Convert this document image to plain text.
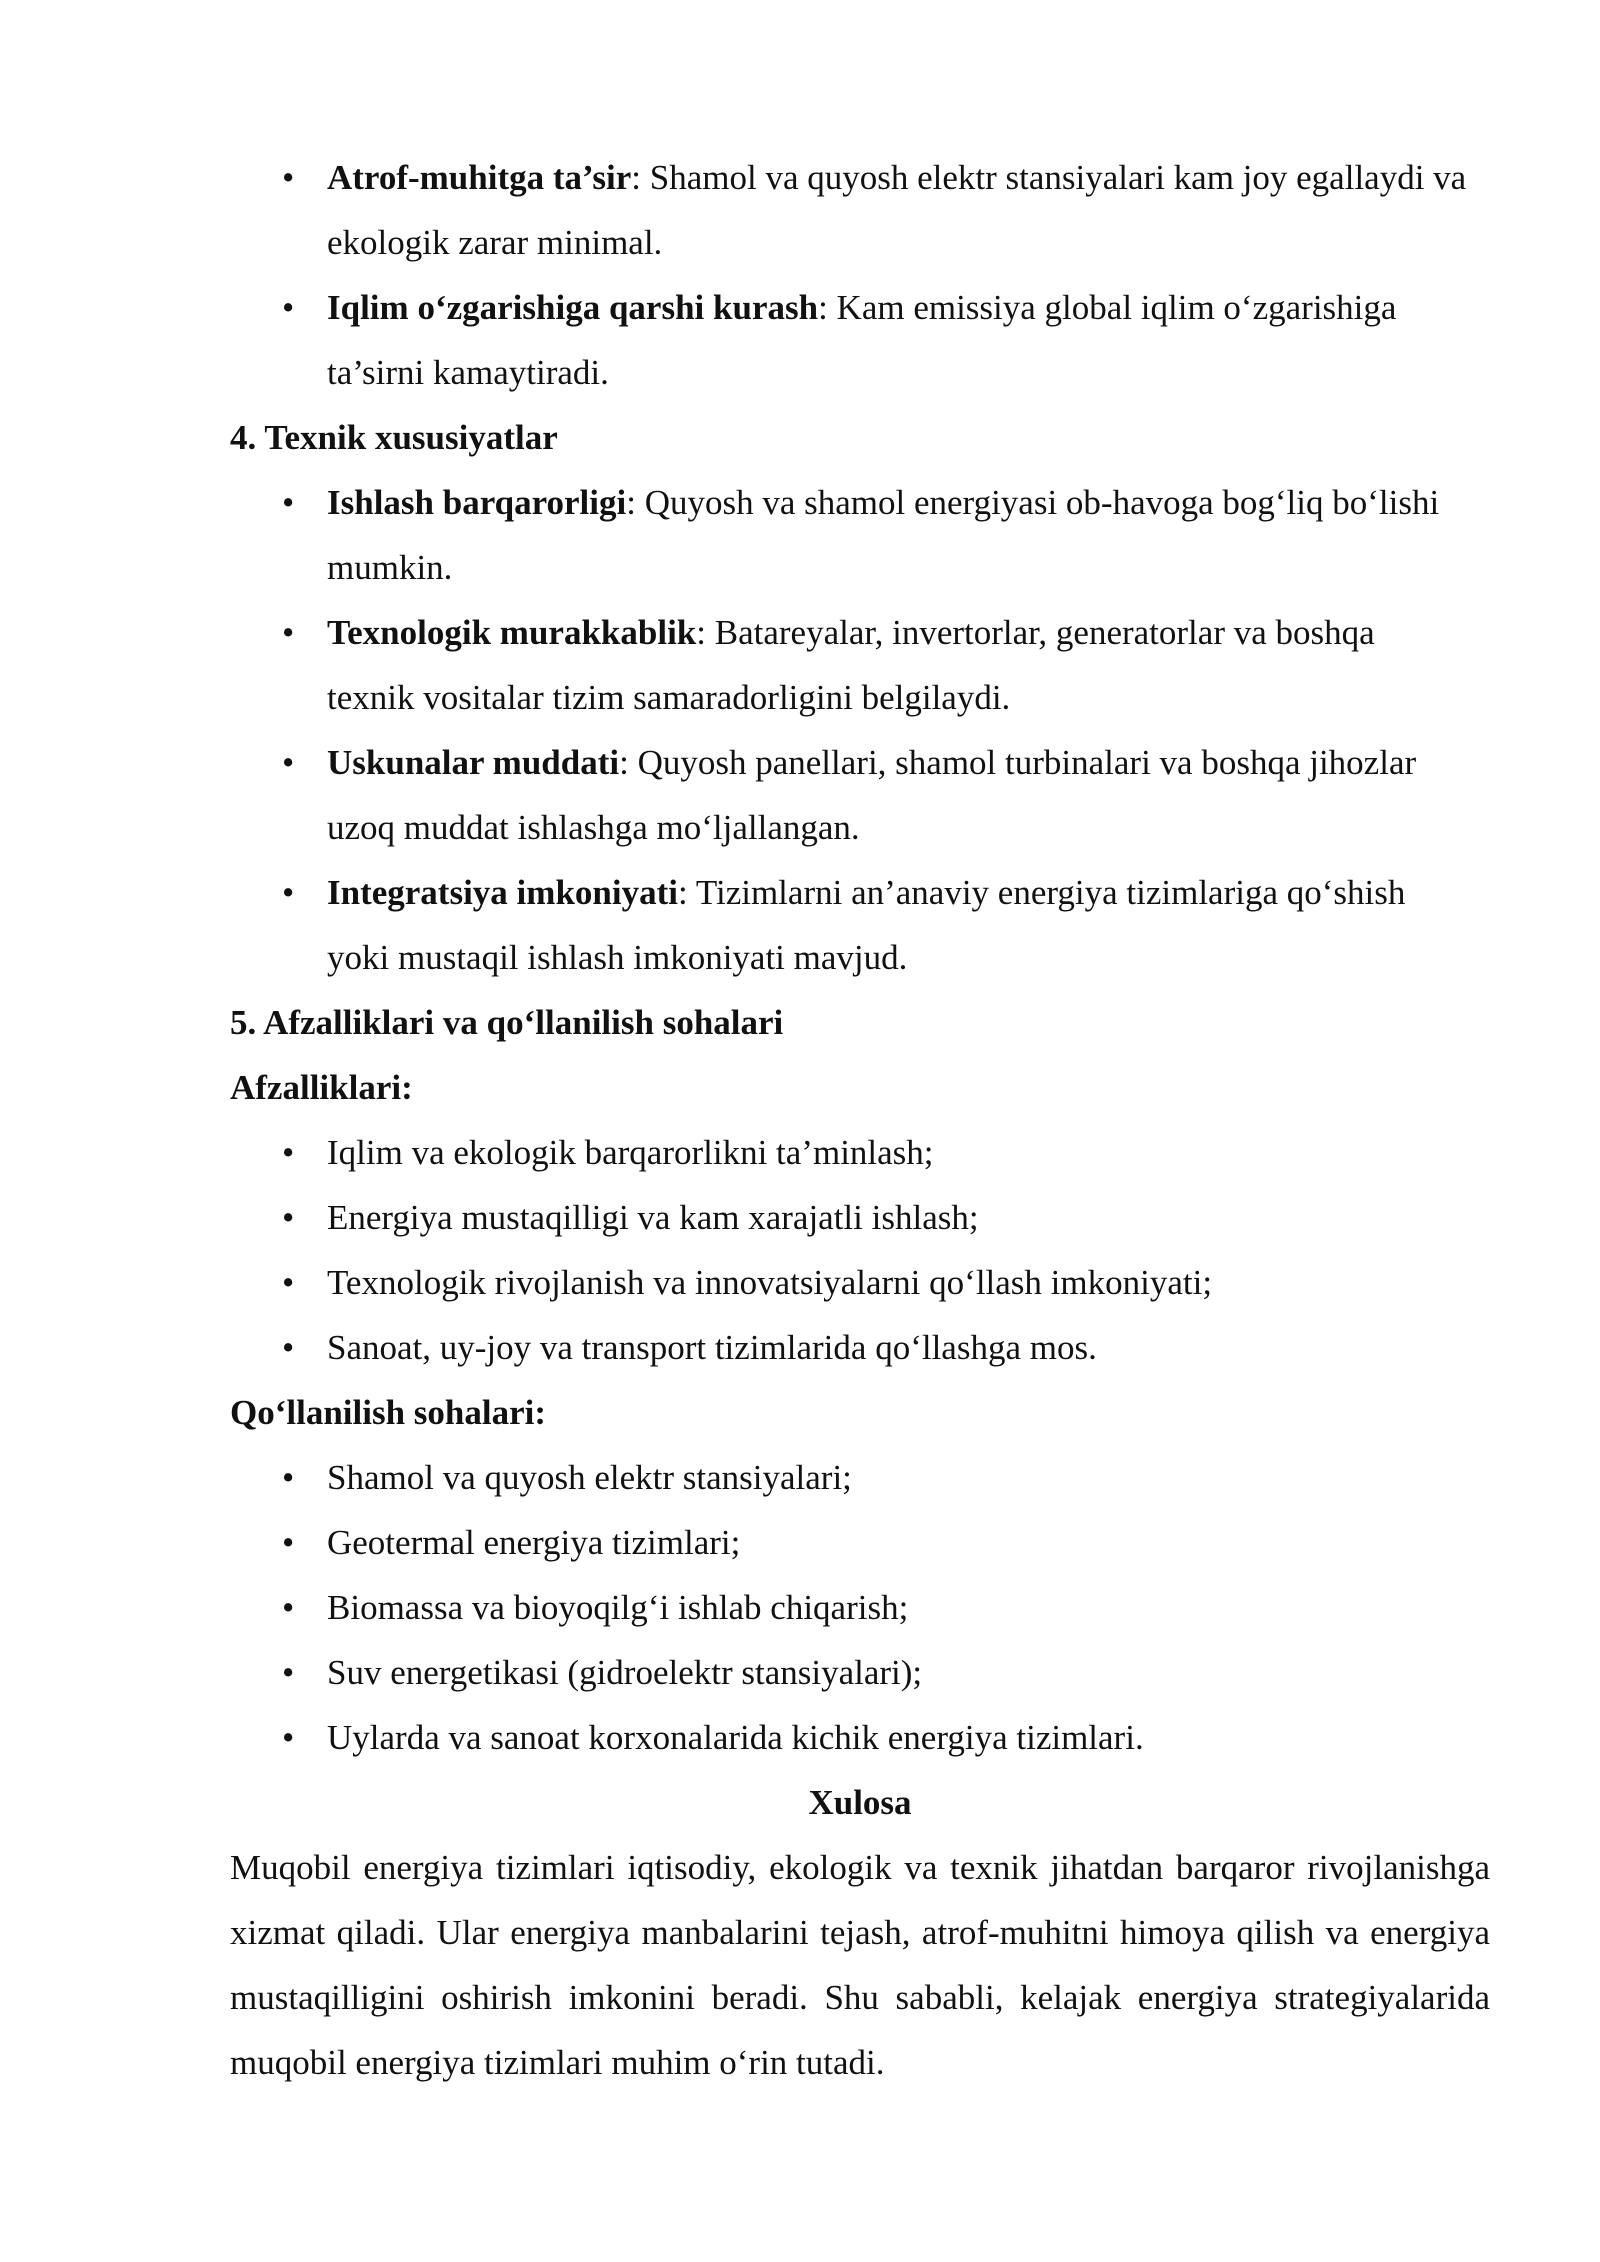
• Atrof-muhitga ta’sir: Shamol va quyosh elektr stansiyalari kam joy egallaydi va ekologik zarar minimal.
• Iqlim o‘zgarishiga qarshi kurash: Kam emissiya global iqlim o‘zgarishiga ta’sirni kamaytiradi.
4. Texnik xususiyatlar
• Ishlash barqarorligi: Quyosh va shamol energiyasi ob-havoga bog‘liq bo‘lishi mumkin.
• Texnologik murakkablik: Batareyalar, invertorlar, generatorlar va boshqa texnik vositalar tizim samaradorligini belgilaydi.
• Uskunalar muddati: Quyosh panellari, shamol turbinalari va boshqa jihozlar uzoq muddat ishlashga mo‘ljallangan.
• Integratsiya imkoniyati: Tizimlarni an’anaviy energiya tizimlariga qo‘shish yoki mustaqil ishlash imkoniyati mavjud.
5. Afzalliklari va qo‘llanilish sohalari
Afzalliklari:
• Iqlim va ekologik barqarorlikni ta’minlash;
• Energiya mustaqilligi va kam xarajatli ishlash;
• Texnologik rivojlanish va innovatsiyalarni qo‘llash imkoniyati;
• Sanoat, uy-joy va transport tizimlarida qo‘llashga mos.
Qo‘llanilish sohalari:
• Shamol va quyosh elektr stansiyalari;
• Geotermal energiya tizimlari;
• Biomassa va bioyoqilg‘i ishlab chiqarish;
• Suv energetikasi (gidroelektr stansiyalari);
• Uylarda va sanoat korxonalarida kichik energiya tizimlari.
Xulosa
Muqobil energiya tizimlari iqtisodiy, ekologik va texnik jihatdan barqaror rivojlanishga xizmat qiladi. Ular energiya manbalarini tejash, atrof-muhitni himoya qilish va energiya mustaqilligini oshirish imkonini beradi. Shu sababli, kelajak energiya strategiyalarida muqobil energiya tizimlari muhim o‘rin tutadi.
